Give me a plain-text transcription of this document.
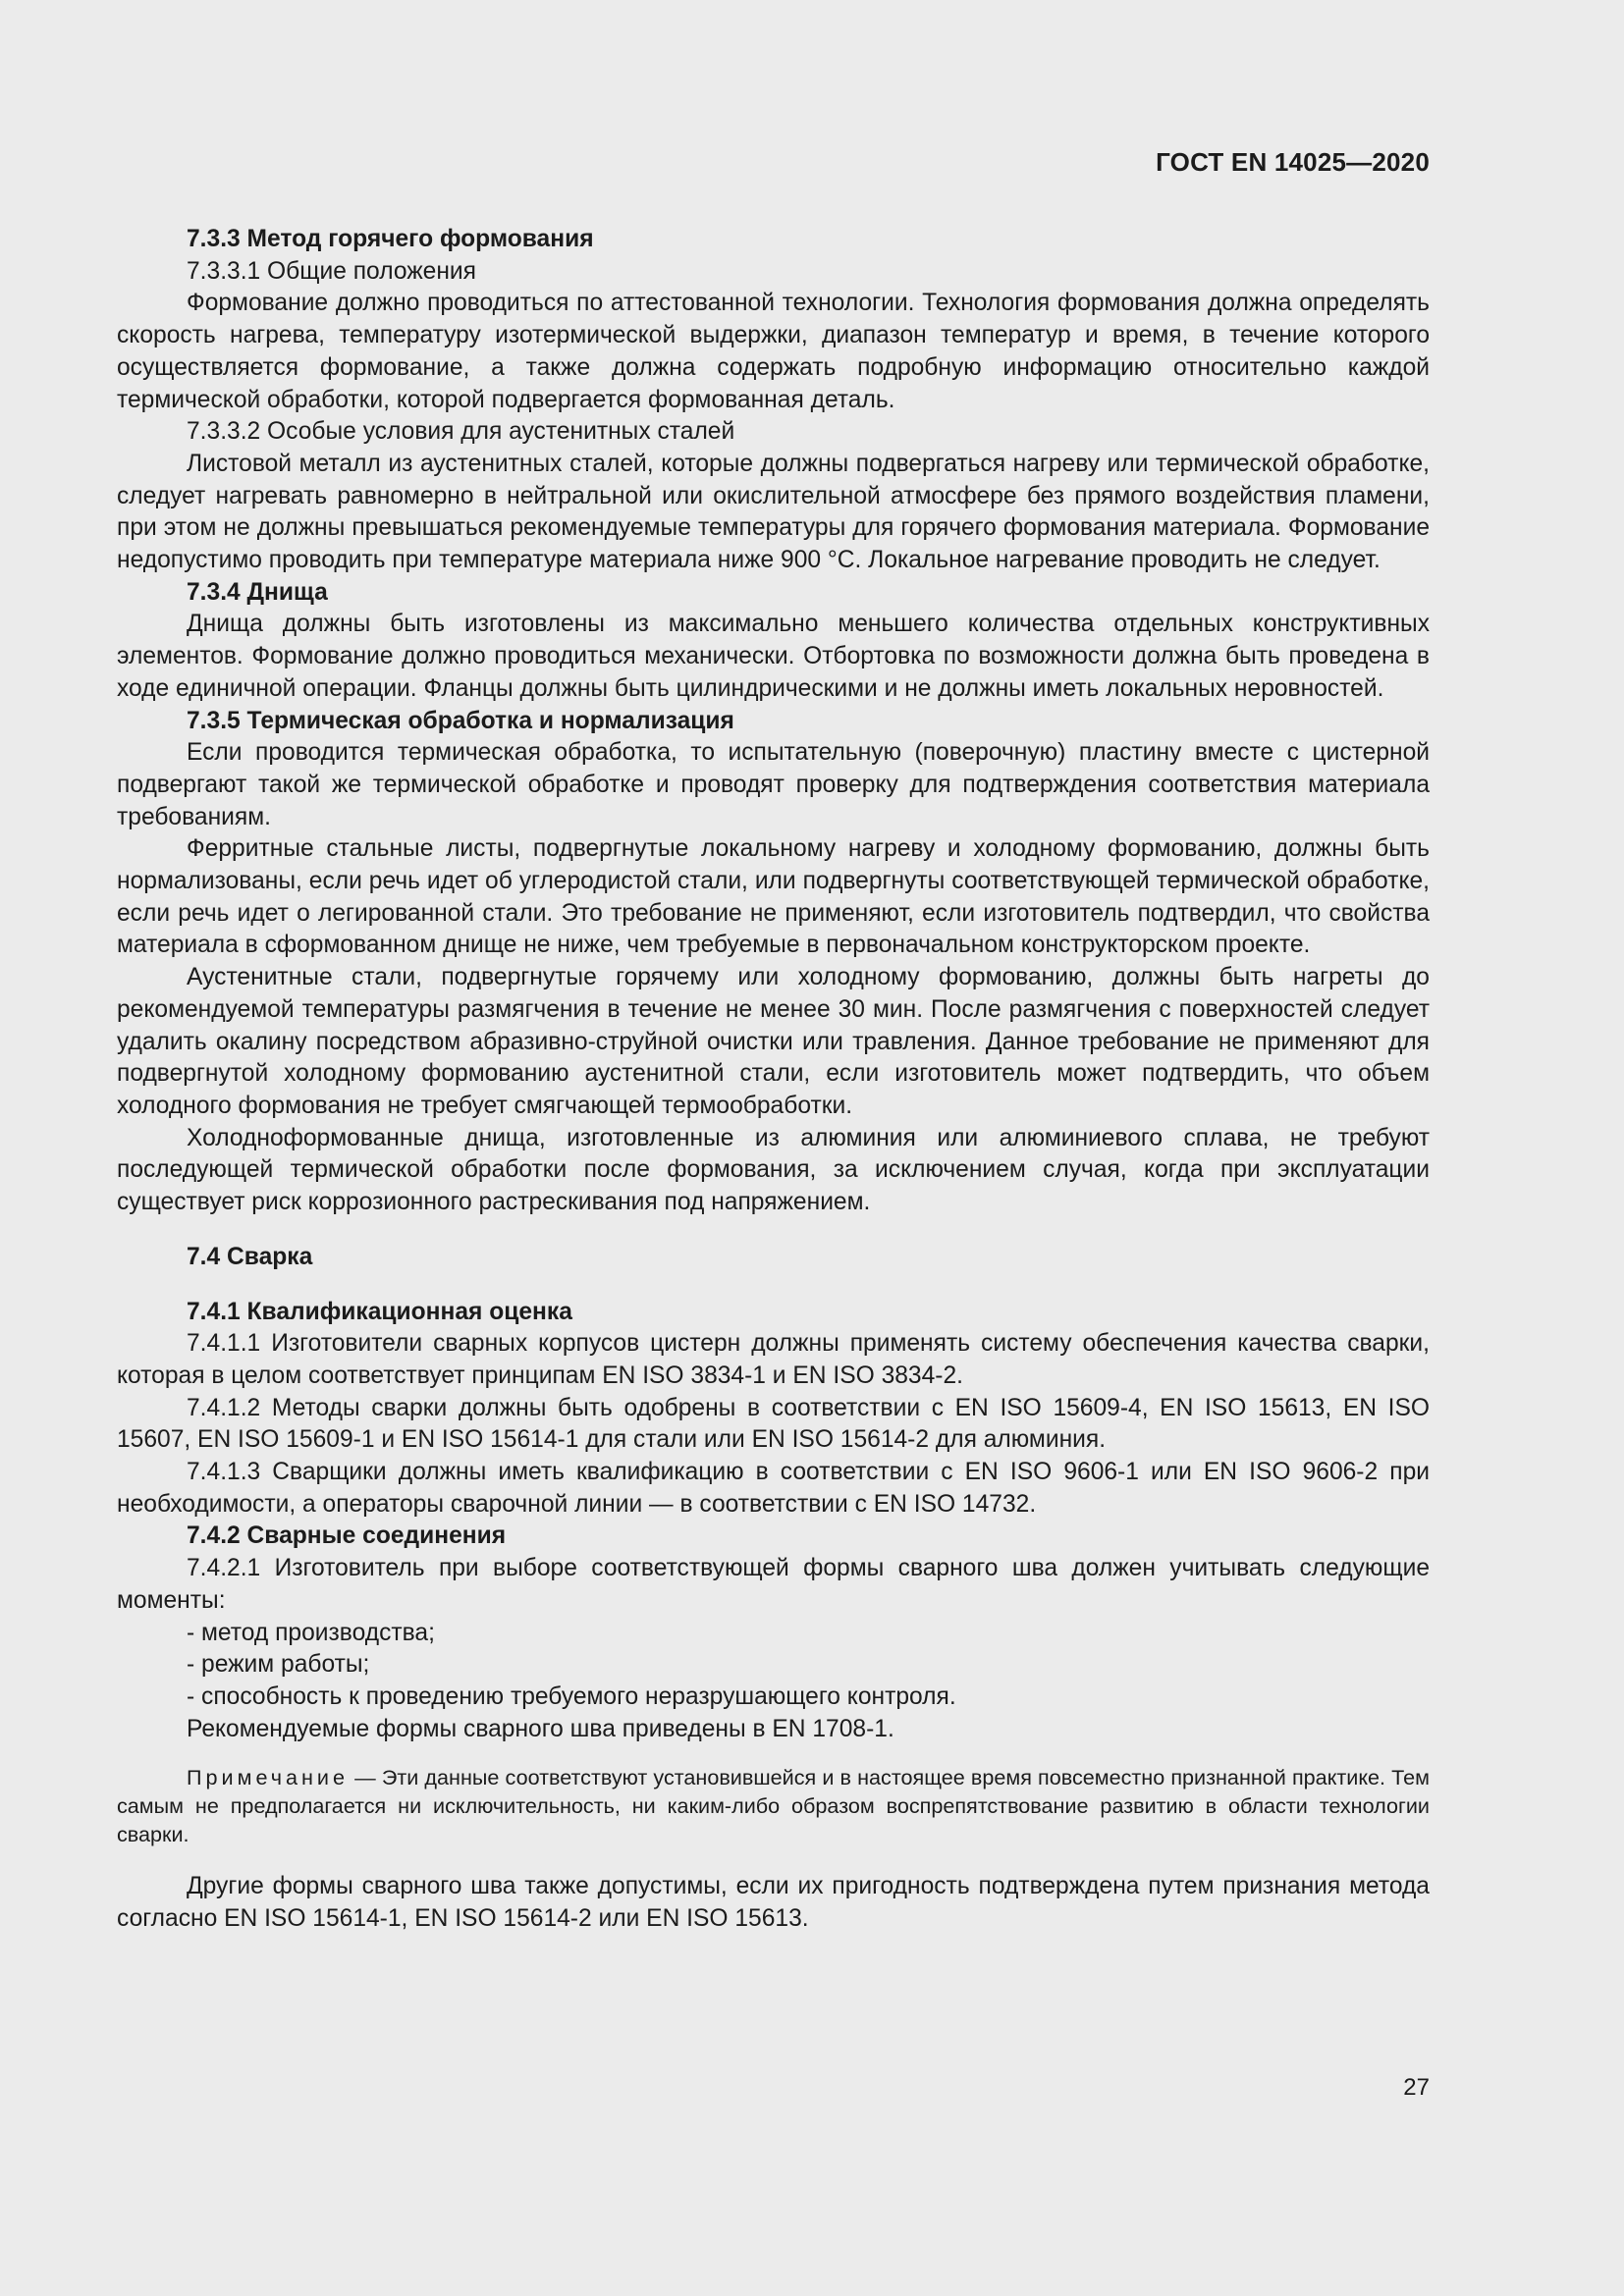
ГОСТ EN 14025—2020

7.3.3 Метод горячего формования

7.3.3.1 Общие положения

Формование должно проводиться по аттестованной технологии. Технология формования должна определять скорость нагрева, температуру изотермической выдержки, диапазон температур и время, в течение которого осуществляется формование, а также должна содержать подробную информацию относительно каждой термической обработки, которой подвергается формованная деталь.

7.3.3.2 Особые условия для аустенитных сталей

Листовой металл из аустенитных сталей, которые должны подвергаться нагреву или термической обработке, следует нагревать равномерно в нейтральной или окислительной атмосфере без прямого воздействия пламени, при этом не должны превышаться рекомендуемые температуры для горячего формования материала. Формование недопустимо проводить при температуре материала ниже 900 °С. Локальное нагревание проводить не следует.

7.3.4 Днища

Днища должны быть изготовлены из максимально меньшего количества отдельных конструктивных элементов. Формование должно проводиться механически. Отбортовка по возможности должна быть проведена в ходе единичной операции. Фланцы должны быть цилиндрическими и не должны иметь локальных неровностей.

7.3.5 Термическая обработка и нормализация

Если проводится термическая обработка, то испытательную (поверочную) пластину вместе с цистерной подвергают такой же термической обработке и проводят проверку для подтверждения соответствия материала требованиям.

Ферритные стальные листы, подвергнутые локальному нагреву и холодному формованию, должны быть нормализованы, если речь идет об углеродистой стали, или подвергнуты соответствующей термической обработке, если речь идет о легированной стали. Это требование не применяют, если изготовитель подтвердил, что свойства материала в сформованном днище не ниже, чем требуемые в первоначальном конструкторском проекте.

Аустенитные стали, подвергнутые горячему или холодному формованию, должны быть нагреты до рекомендуемой температуры размягчения в течение не менее 30 мин. После размягчения с поверхностей следует удалить окалину посредством абразивно-струйной очистки или травления. Данное требование не применяют для подвергнутой холодному формованию аустенитной стали, если изготовитель может подтвердить, что объем холодного формования не требует смягчающей термообработки.

Холодноформованные днища, изготовленные из алюминия или алюминиевого сплава, не требуют последующей термической обработки после формования, за исключением случая, когда при эксплуатации существует риск коррозионного растрескивания под напряжением.

7.4 Сварка

7.4.1 Квалификационная оценка

7.4.1.1 Изготовители сварных корпусов цистерн должны применять систему обеспечения качества сварки, которая в целом соответствует принципам EN ISO 3834-1 и EN ISO 3834-2.

7.4.1.2 Методы сварки должны быть одобрены в соответствии с EN ISO 15609-4, EN ISO 15613, EN ISO 15607, EN ISO 15609-1 и EN ISO 15614-1 для стали или EN ISO 15614-2 для алюминия.

7.4.1.3 Сварщики должны иметь квалификацию в соответствии с EN ISO 9606-1 или EN ISO 9606-2 при необходимости, а операторы сварочной линии — в соответствии с EN ISO 14732.

7.4.2 Сварные соединения

7.4.2.1 Изготовитель при выборе соответствующей формы сварного шва должен учитывать следующие моменты:

- метод производства;

- режим работы;

- способность к проведению требуемого неразрушающего контроля.

Рекомендуемые формы сварного шва приведены в EN 1708-1.

Примечание — Эти данные соответствуют установившейся и в настоящее время повсеместно признанной практике. Тем самым не предполагается ни исключительность, ни каким-либо образом воспрепятствование развитию в области технологии сварки.

Другие формы сварного шва также допустимы, если их пригодность подтверждена путем признания метода согласно EN ISO 15614-1, EN ISO 15614-2 или EN ISO 15613.

27
